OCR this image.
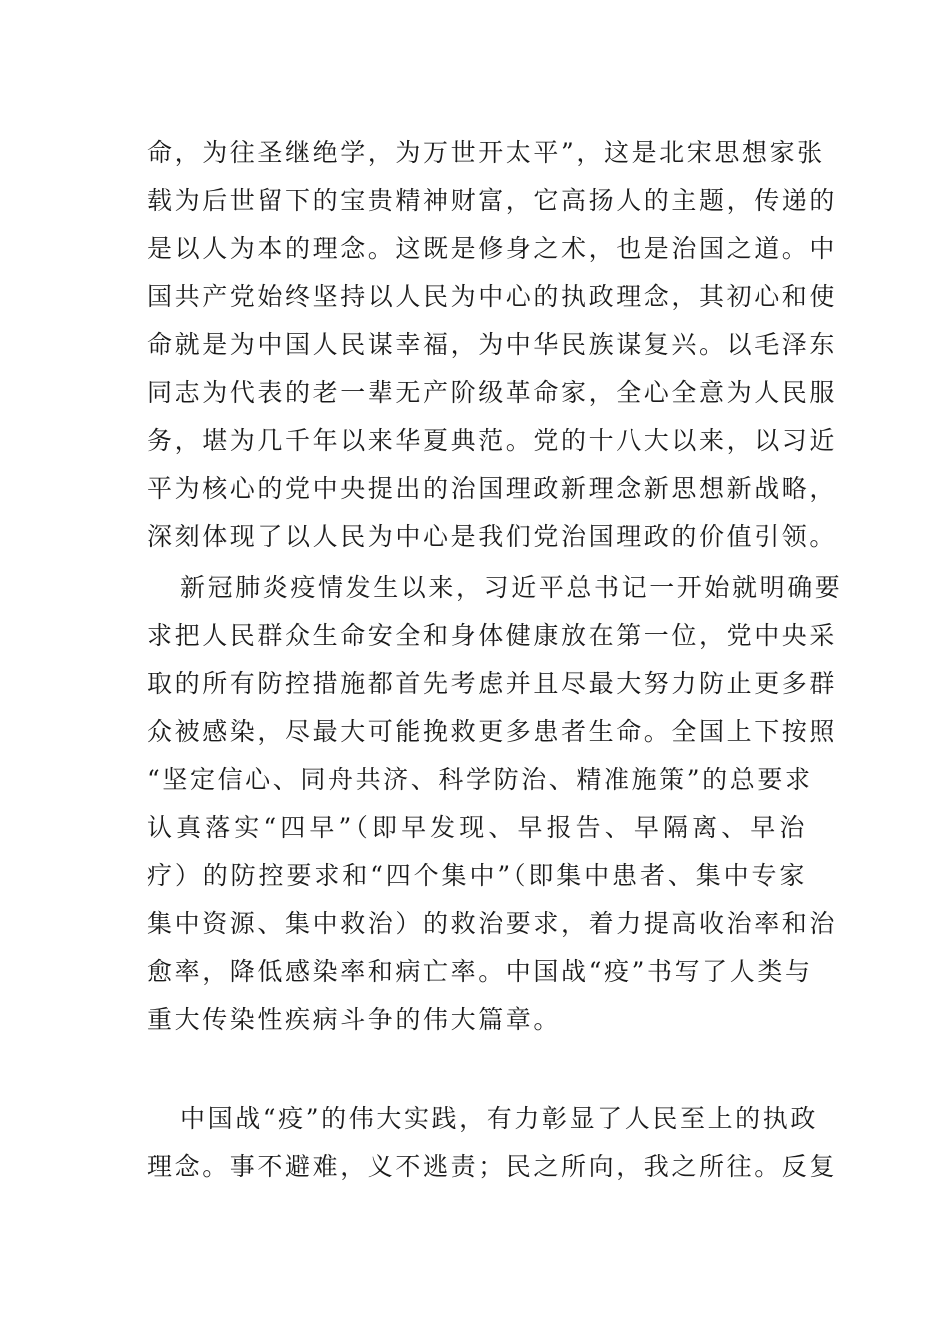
命，为往圣继绝学，为万世开太平”，这是北宋思想家张
载为后世留下的宝贵精神财富，它高扬人的主题，传递的
是以人为本的理念。这既是修身之术，也是治国之道。中
国共产党始终坚持以人民为中心的执政理念，其初心和使
命就是为中国人民谋幸福，为中华民族谋复兴。以毛泽东
同志为代表的老一辈无产阶级革命家，全心全意为人民服
务，堪为几千年以来华夏典范。党的十八大以来，以习近
平为核心的党中央提出的治国理政新理念新思想新战略，
深刻体现了以人民为中心是我们党治国理政的价值引领。
新冠肺炎疫情发生以来，习近平总书记一开始就明确要
求把人民群众生命安全和身体健康放在第一位，党中央采
取的所有防控措施都首先考虑并且尽最大努力防止更多群
众被感染，尽最大可能挽救更多患者生命。全国上下按照
“坚定信心、同舟共济、科学防治、精准施策”的总要求
认真落实“四早”（即早发现、早报告、早隔离、早治
疗）的防控要求和“四个集中”（即集中患者、集中专家
集中资源、集中救治）的救治要求，着力提高收治率和治
愈率，降低感染率和病亡率。中国战“疫”书写了人类与
重大传染性疾病斗争的伟大篇章。
中国战“疫”的伟大实践，有力彰显了人民至上的执政
理念。事不避难，义不逃责；民之所向，我之所往。反复
